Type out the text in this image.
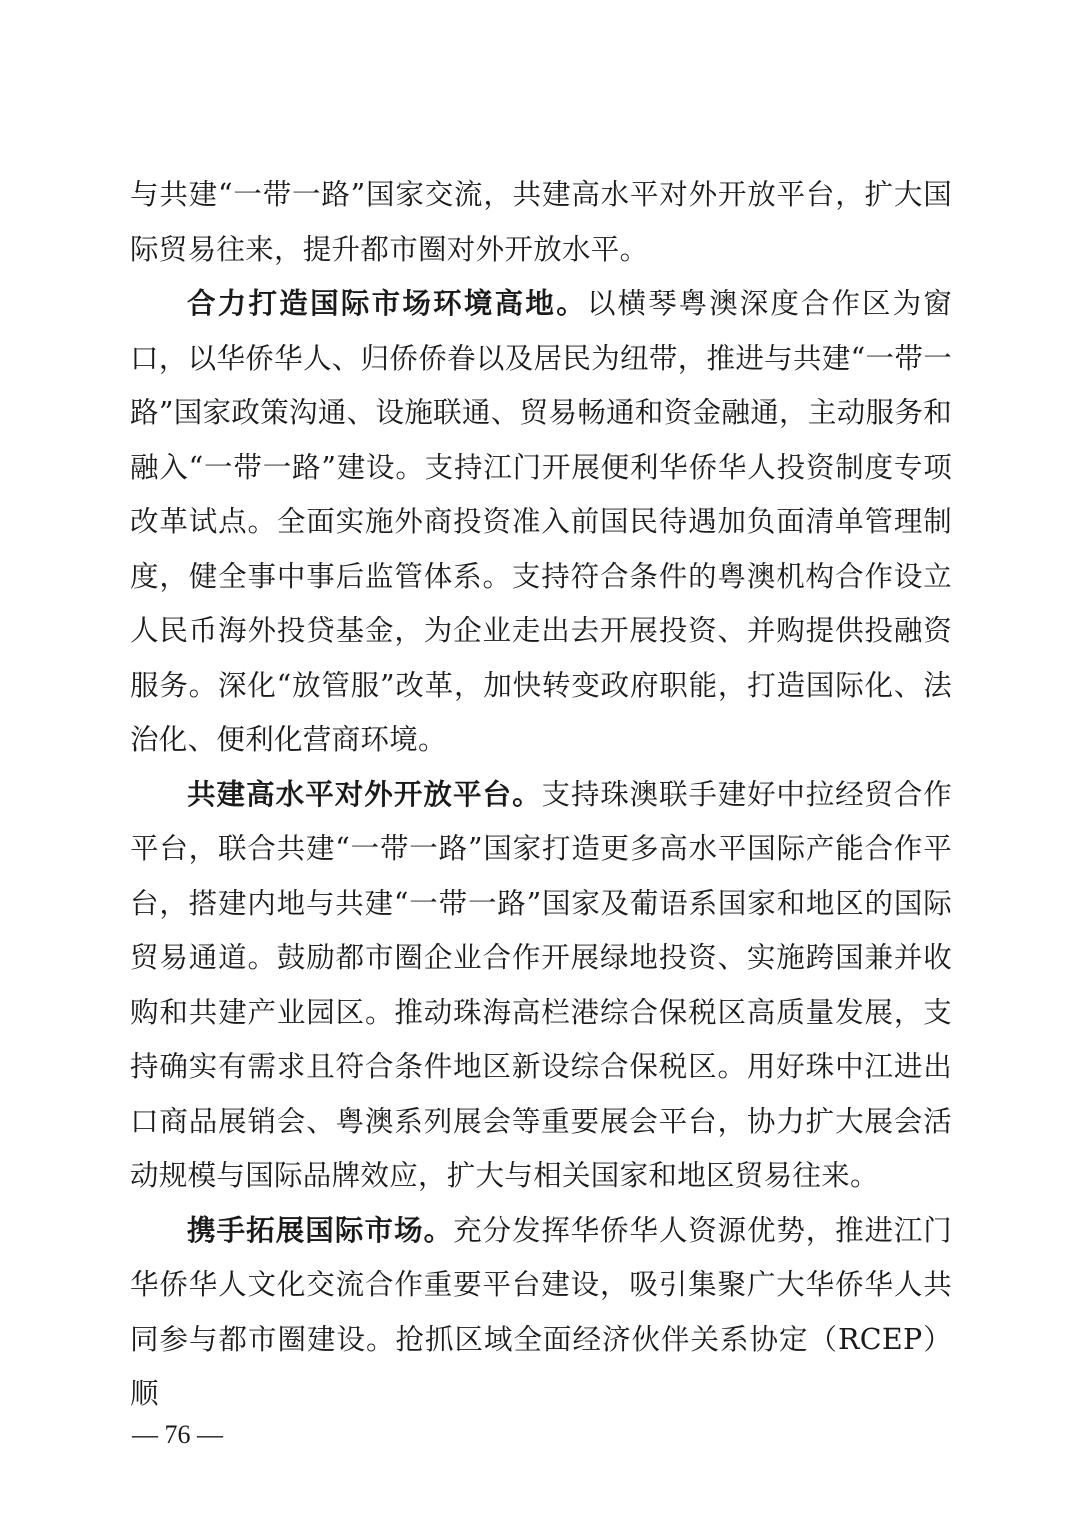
与共建“一带一路”国家交流，共建高水平对外开放平台，扩大国际贸易往来，提升都市圈对外开放水平。

合力打造国际市场环境高地。以横琴粤澳深度合作区为窗口，以华侨华人、归侨侨眷以及居民为纽带，推进与共建“一带一路”国家政策沟通、设施联通、贸易畅通和资金融通，主动服务和融入“一带一路”建设。支持江门开展便利华侨华人投资制度专项改革试点。全面实施外商投资准入前国民待遇加负面清单管理制度，健全事中事后监管体系。支持符合条件的粤澳机构合作设立人民币海外投贷基金，为企业走出去开展投资、并购提供投融资服务。深化“放管服”改革，加快转变政府职能，打造国际化、法治化、便利化营商环境。

共建高水平对外开放平台。支持珠澳联手建好中拉经贸合作平台，联合共建“一带一路”国家打造更多高水平国际产能合作平台，搭建内地与共建“一带一路”国家及葡语系国家和地区的国际贸易通道。鼓励都市圈企业合作开展绿地投资、实施跨国兼并收购和共建产业园区。推动珠海高栏港综合保税区高质量发展，支持确实有需求且符合条件地区新设综合保税区。用好珠中江进出口商品展销会、粤澳系列展会等重要展会平台，协力扩大展会活动规模与国际品牌效应，扩大与相关国家和地区贸易往来。

携手拓展国际市场。充分发挥华侨华人资源优势，推进江门华侨华人文化交流合作重要平台建设，吸引集聚广大华侨华人共同参与都市圈建设。抢抓区域全面经济伙伴关系协定（RCEP）顺

— 76 —
